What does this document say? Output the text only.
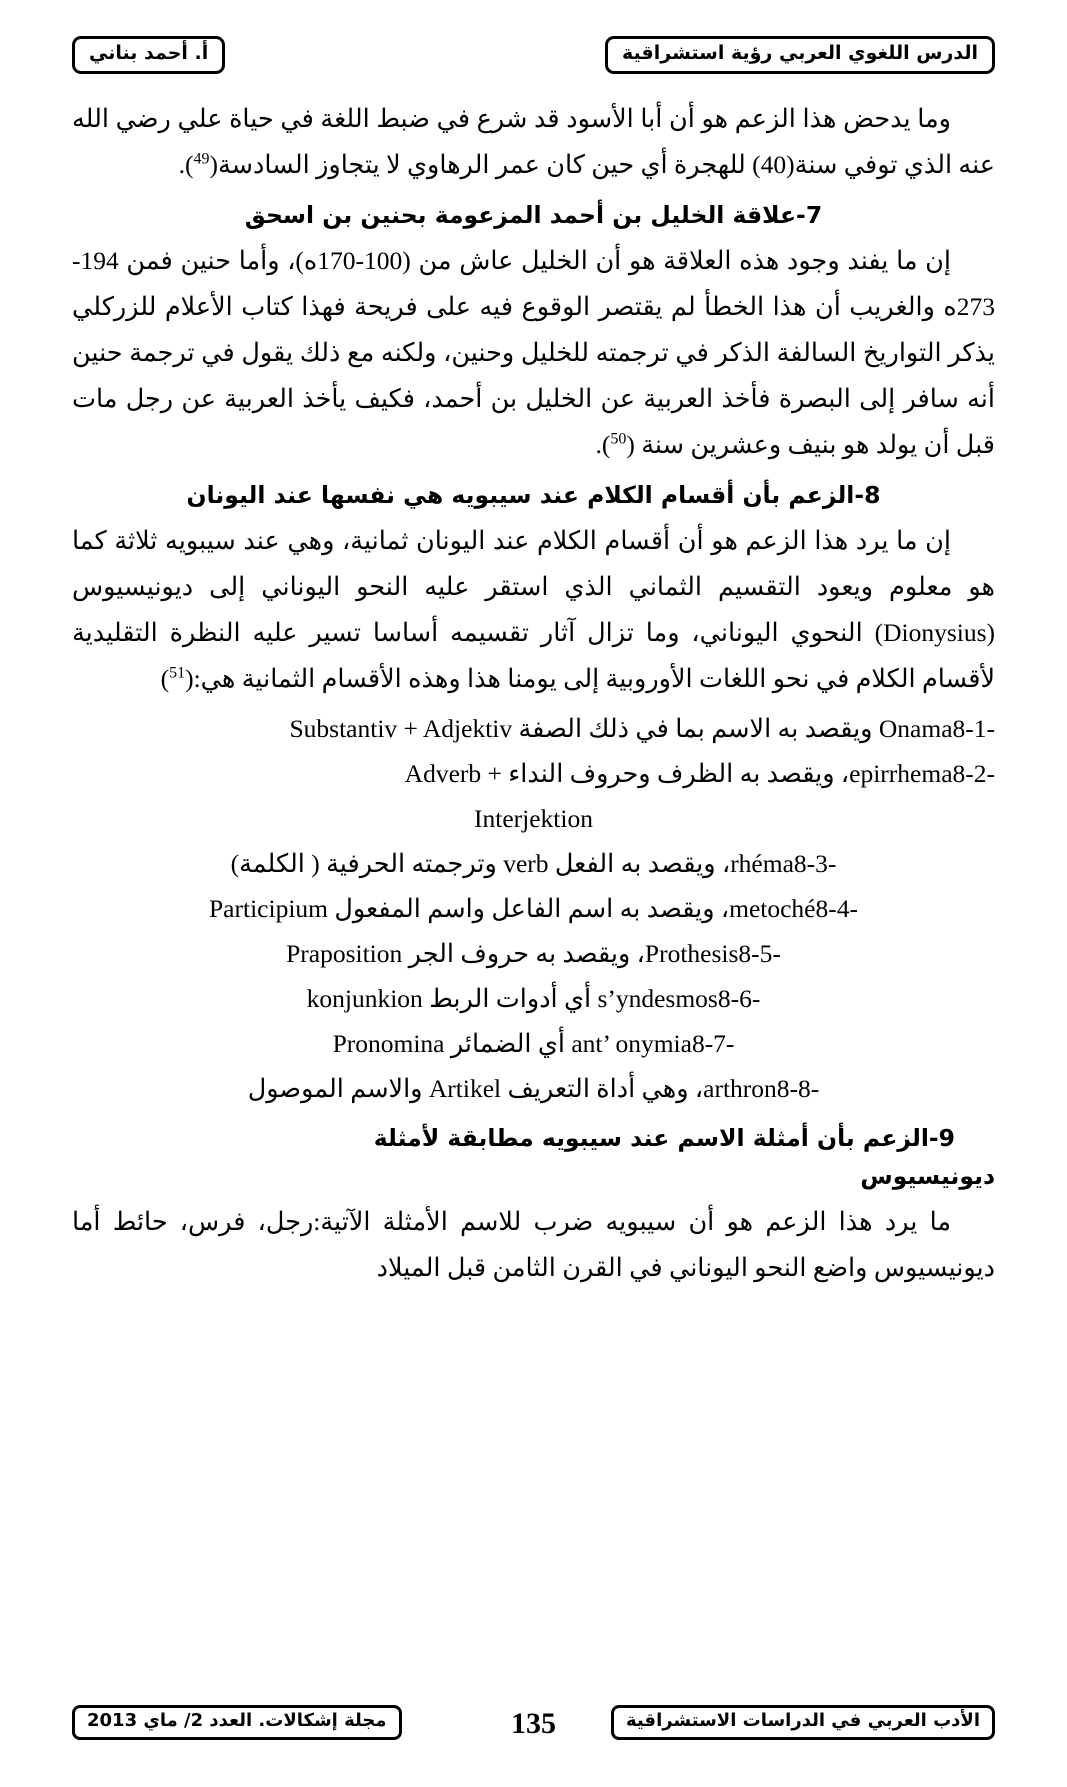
الدرس اللغوي العربي رؤية استشراقية
أ. أحمد بناني

وما يدحض هذا الزعم هو أن أبا الأسود قد شرع في ضبط اللغة في حياة علي رضي الله عنه الذي توفي سنة(40) للهجرة أي حين كان عمر الرهاوي لا يتجاوز السادسة($^{49}$).

7-علاقة الخليل بن أحمد المزعومة بحنين بن اسحق

إن ما يفند وجود هذه العلاقة هو أن الخليل عاش من (100-170ه)، وأما حنين فمن 194-273ه والغريب أن هذا الخطأ لم يقتصر الوقوع فيه على فريحة فهذا كتاب الأعلام للزركلي يذكر التواريخ السالفة الذكر في ترجمته للخليل وحنين، ولكنه مع ذلك يقول في ترجمة حنين أنه سافر إلى البصرة فأخذ العربية عن الخليل بن أحمد، فكيف يأخذ العربية عن رجل مات قبل أن يولد هو بنيف وعشرين سنة ($^{50}$).

8-الزعم بأن أقسام الكلام عند سيبويه هي نفسها عند اليونان

إن ما يرد هذا الزعم هو أن أقسام الكلام عند اليونان ثمانية، وهي عند سيبويه ثلاثة كما هو معلوم ويعود التقسيم الثماني الذي استقر عليه النحو اليوناني إلى ديونيسيوس (Dionysius) النحوي اليوناني، وما تزال آثار تقسيمه أساسا تسير عليه النظرة التقليدية لأقسام الكلام في نحو اللغات الأوروبية إلى يومنا هذا وهذه الأقسام الثمانية هي:($^{51}$)

8-1-Onama ويقصد به الاسم بما في ذلك الصفة Substantiv + Adjektiv

8-2-epirrhema، ويقصد به الظرف وحروف النداء Adverb +

Interjektion

8-3-rhéma، ويقصد به الفعل verb وترجمته الحرفية ( الكلمة)

8-4-metoché، ويقصد به اسم الفاعل واسم المفعول Participium

8-5-Prothesis، ويقصد به حروف الجر Praposition

8-6-s’yndesmos أي أدوات الربط konjunkion

8-7-ant’ onymia أي الضمائر Pronomina

8-8-arthron، وهي أداة التعريف Artikel والاسم الموصول

9-الزعم بأن أمثلة الاسم عند سيبويه مطابقة لأمثلة
ديونيسيوس

ما يرد هذا الزعم هو أن سيبويه ضرب للاسم الأمثلة الآتية:رجل، فرس، حائط أما ديونيسيوس واضع النحو اليوناني في القرن الثامن قبل الميلاد

الأدب العربي في الدراسات الاستشراقية
135
مجلة إشكالات. العدد 2/ ماي 2013
